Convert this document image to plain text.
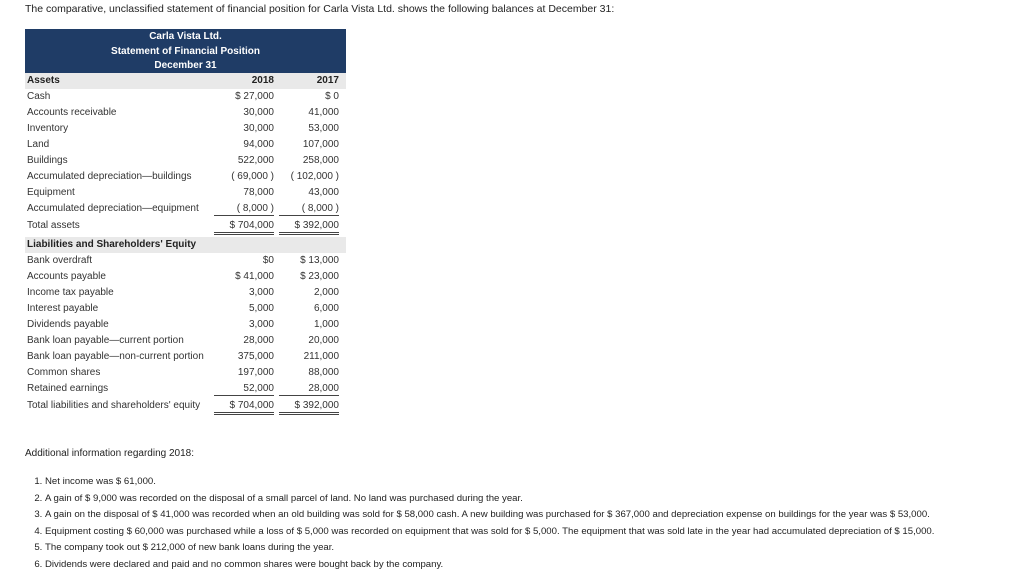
The comparative, unclassified statement of financial position for Carla Vista Ltd. shows the following balances at December 31:
Carla Vista Ltd.
Statement of Financial Position
December 31
Assets	2018	2017
Cash	$ 27,000	$ 0
Accounts receivable	30,000	41,000
Inventory	30,000	53,000
Land	94,000	107,000
Buildings	522,000	258,000
Accumulated depreciation—buildings	( 69,000 )	( 102,000 )
Equipment	78,000	43,000
Accumulated depreciation—equipment	( 8,000 )	( 8,000 )
Total assets	$ 704,000	$ 392,000
Liabilities and Shareholders' Equity
Bank overdraft	$0	$ 13,000
Accounts payable	$ 41,000	$ 23,000
Income tax payable	3,000	2,000
Interest payable	5,000	6,000
Dividends payable	3,000	1,000
Bank loan payable—current portion	28,000	20,000
Bank loan payable—non-current portion	375,000	211,000
Common shares	197,000	88,000
Retained earnings	52,000	28,000
Total liabilities and shareholders' equity	$ 704,000	$ 392,000
Additional information regarding 2018:
1. Net income was $ 61,000.
2. A gain of $ 9,000 was recorded on the disposal of a small parcel of land. No land was purchased during the year.
3. A gain on the disposal of $ 41,000 was recorded when an old building was sold for $ 58,000 cash. A new building was purchased for $ 367,000 and depreciation expense on buildings for the year was $ 53,000.
4. Equipment costing $ 60,000 was purchased while a loss of $ 5,000 was recorded on equipment that was sold for $ 5,000. The equipment that was sold late in the year had accumulated depreciation of $ 15,000.
5. The company took out $ 212,000 of new bank loans during the year.
6. Dividends were declared and paid and no common shares were bought back by the company.
